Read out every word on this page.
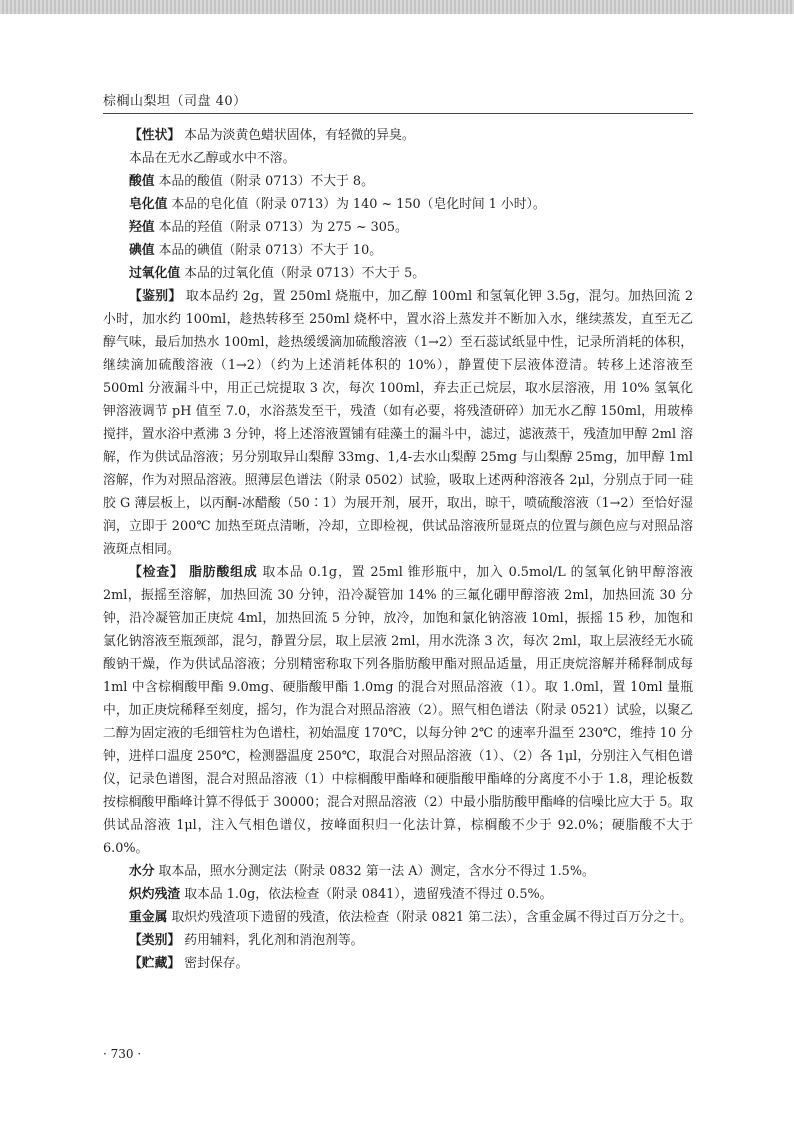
棕榈山梨坦（司盘 40）

【性状】 本品为淡黄色蜡状固体，有轻微的异臭。

本品在无水乙醇或水中不溶。

酸值 本品的酸值（附录 0713）不大于 8。

皂化值 本品的皂化值（附录 0713）为 140 ~ 150（皂化时间 1 小时）。

羟值 本品的羟值（附录 0713）为 275 ~ 305。

碘值 本品的碘值（附录 0713）不大于 10。

过氧化值 本品的过氧化值（附录 0713）不大于 5。

【鉴别】 取本品约 2g，置 250ml 烧瓶中，加乙醇 100ml 和氢氧化钾 3.5g，混匀。加热回流 2 小时，加水约 100ml，趁热转移至 250ml 烧杯中，置水浴上蒸发并不断加入水，继续蒸发，直至无乙醇气味，最后加热水 100ml，趁热缓缓滴加硫酸溶液（1→2）至石蕊试纸显中性，记录所消耗的体积，继续滴加硫酸溶液（1→2）（约为上述消耗体积的 10%），静置使下层液体澄清。转移上述溶液至 500ml 分液漏斗中，用正己烷提取 3 次，每次 100ml，弃去正己烷层，取水层溶液，用 10% 氢氧化钾溶液调节 pH 值至 7.0，水浴蒸发至干，残渣（如有必要，将残渣研碎）加无水乙醇 150ml，用玻棒搅拌，置水浴中煮沸 3 分钟，将上述溶液置铺有硅藻土的漏斗中，滤过，滤液蒸干，残渣加甲醇 2ml 溶解，作为供试品溶液；另分别取异山梨醇 33mg、1,4-去水山梨醇 25mg 与山梨醇 25mg，加甲醇 1ml 溶解，作为对照品溶液。照薄层色谱法（附录 0502）试验，吸取上述两种溶液各 2μl，分别点于同一硅胶 G 薄层板上，以丙酮-冰醋酸（50∶1）为展开剂，展开，取出，晾干，喷硫酸溶液（1→2）至恰好湿润，立即于 200℃ 加热至斑点清晰，冷却，立即检视，供试品溶液所显斑点的位置与颜色应与对照品溶液斑点相同。

【检查】 脂肪酸组成 取本品 0.1g，置 25ml 锥形瓶中，加入 0.5mol/L 的氢氧化钠甲醇溶液 2ml，振摇至溶解，加热回流 30 分钟，沿冷凝管加 14% 的三氟化硼甲醇溶液 2ml，加热回流 30 分钟，沿冷凝管加正庚烷 4ml，加热回流 5 分钟，放冷，加饱和氯化钠溶液 10ml，振摇 15 秒，加饱和氯化钠溶液至瓶颈部，混匀，静置分层，取上层液 2ml，用水洗涤 3 次，每次 2ml，取上层液经无水硫酸钠干燥，作为供试品溶液；分别精密称取下列各脂肪酸甲酯对照品适量，用正庚烷溶解并稀释制成每 1ml 中含棕榈酸甲酯 9.0mg、硬脂酸甲酯 1.0mg 的混合对照品溶液（1）。取 1.0ml，置 10ml 量瓶中，加正庚烷稀释至刻度，摇匀，作为混合对照品溶液（2）。照气相色谱法（附录 0521）试验，以聚乙二醇为固定液的毛细管柱为色谱柱，初始温度 170℃，以每分钟 2℃ 的速率升温至 230℃，维持 10 分钟，进样口温度 250℃，检测器温度 250℃，取混合对照品溶液（1）、（2）各 1μl，分别注入气相色谱仪，记录色谱图，混合对照品溶液（1）中棕榈酸甲酯峰和硬脂酸甲酯峰的分离度不小于 1.8，理论板数按棕榈酸甲酯峰计算不得低于 30000；混合对照品溶液（2）中最小脂肪酸甲酯峰的信噪比应大于 5。取供试品溶液 1μl，注入气相色谱仪，按峰面积归一化法计算，棕榈酸不少于 92.0%；硬脂酸不大于 6.0%。

水分 取本品，照水分测定法（附录 0832 第一法 A）测定，含水分不得过 1.5%。

炽灼残渣 取本品 1.0g，依法检查（附录 0841），遗留残渣不得过 0.5%。

重金属 取炽灼残渣项下遗留的残渣，依法检查（附录 0821 第二法），含重金属不得过百万分之十。

【类别】 药用辅料，乳化剂和消泡剂等。

【贮藏】 密封保存。

· 730 ·
